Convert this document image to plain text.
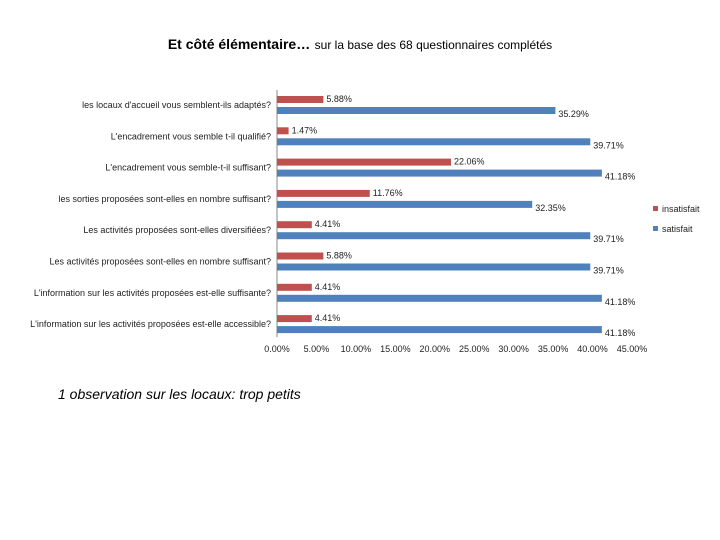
Et côté élémentaire… sur la base des 68 questionnaires complétés
les locaux d'accueil vous semblent-ils adaptés?
5.88%
35.29%
L'encadrement vous semble t-il qualifié?
1.47%
39.71%
L'encadrement vous semble-t-il suffisant?
22.06%
41.18%
les sorties proposées sont-elles en nombre suffisant?
11.76%
32.35%
Les activités proposées sont-elles diversifiées?
4.41%
39.71%
Les activités proposées sont-elles en nombre suffisant?
5.88%
39.71%
L'information sur les activités proposées est-elle suffisante?
4.41%
41.18%
L'information sur les activités proposées est-elle accessible?
4.41%
41.18%
0.00% 5.00% 10.00% 15.00% 20.00% 25.00% 30.00% 35.00% 40.00% 45.00%
insatisfait
satisfait
1 observation sur les locaux: trop petits
